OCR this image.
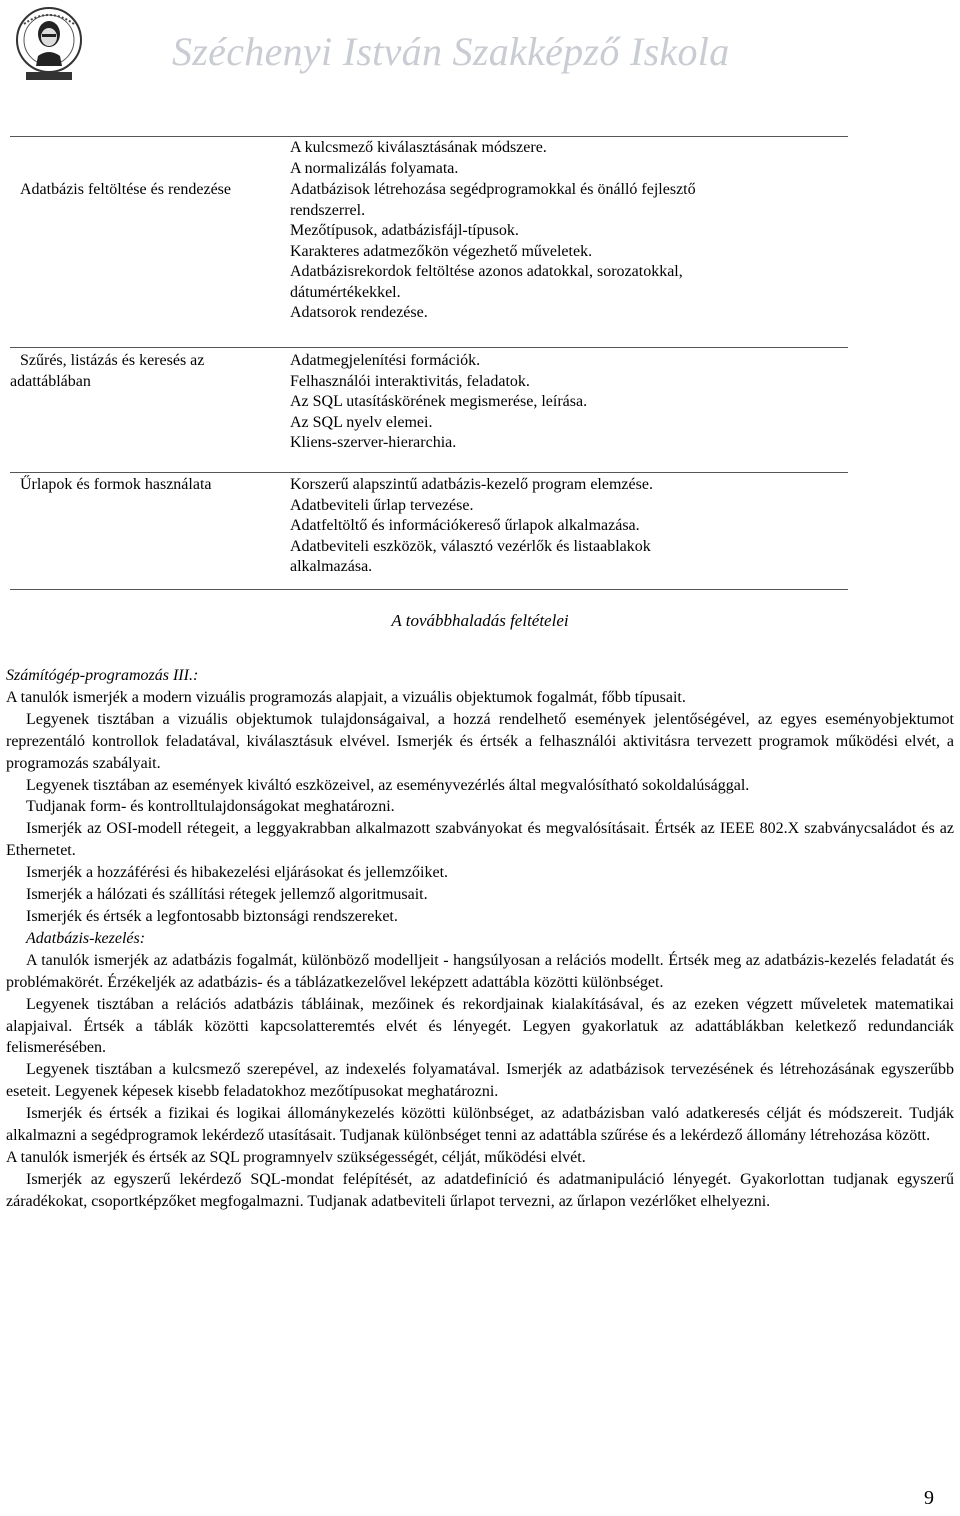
Széchenyi István Szakképző Iskola
A kulcsmező kiválasztásának módszere.
A normalizálás folyamata.
Adatbázis feltöltése és rendezése	Adatbázisok létrehozása segédprogramokkal és önálló fejlesztő
rendszerrel.
Mezőtípusok, adatbázisfájl-típusok.
Karakteres adatmezőkön végezhető műveletek.
Adatbázisrekordok feltöltése azonos adatokkal, sorozatokkal,
dátumértékekkel.
Adatsorok rendezése.
Szűrés, listázás és keresés az
adattáblában
Adatmegjelenítési formációk.
Felhasználói interaktivitás, feladatok.
Az SQL utasításkörének megismerése, leírása.
Az SQL nyelv elemei.
Kliens-szerver-hierarchia.
Űrlapok és formok használata	Korszerű alapszintű adatbázis-kezelő program elemzése.
Adatbeviteli űrlap tervezése.
Adatfeltöltő és információkereső űrlapok alkalmazása.
Adatbeviteli eszközök, választó vezérlők és listaablakok
alkalmazása.
A továbbhaladás feltételei

Számítógép-programozás III.:

A tanulók ismerjék a modern vizuális programozás alapjait, a vizuális objektumok fogalmát, főbb típusait.

Legyenek tisztában a vizuális objektumok tulajdonságaival, a hozzá rendelhető események jelentőségével, az egyes eseményobjektumot reprezentáló kontrollok feladatával, kiválasztásuk elvével. Ismerjék és értsék a felhasználói aktivitásra tervezett programok működési elvét, a programozás szabályait.

Legyenek tisztában az események kiváltó eszközeivel, az eseményvezérlés által megvalósítható sokoldalúsággal.

Tudjanak form- és kontrolltulajdonságokat meghatározni.

Ismerjék az OSI-modell rétegeit, a leggyakrabban alkalmazott szabványokat és megvalósításait. Értsék az IEEE 802.X szabványcsaládot és az Ethernetet.

Ismerjék a hozzáférési és hibakezelési eljárásokat és jellemzőiket.

Ismerjék a hálózati és szállítási rétegek jellemző algoritmusait.

Ismerjék és értsék a legfontosabb biztonsági rendszereket.

Adatbázis-kezelés:

A tanulók ismerjék az adatbázis fogalmát, különböző modelljeit - hangsúlyosan a relációs modellt. Értsék meg az adatbázis-kezelés feladatát és problémakörét. Érzékeljék az adatbázis- és a táblázatkezelővel leképzett adattábla közötti különbséget.

Legyenek tisztában a relációs adatbázis tábláinak, mezőinek és rekordjainak kialakításával, és az ezeken végzett műveletek matematikai alapjaival. Értsék a táblák közötti kapcsolatteremtés elvét és lényegét. Legyen gyakorlatuk az adattáblákban keletkező redundanciák felismerésében.

Legyenek tisztában a kulcsmező szerepével, az indexelés folyamatával. Ismerjék az adatbázisok tervezésének és létrehozásának egyszerűbb eseteit. Legyenek képesek kisebb feladatokhoz mezőtípusokat meghatározni.

Ismerjék és értsék a fizikai és logikai állománykezelés közötti különbséget, az adatbázisban való adatkeresés célját és módszereit. Tudják alkalmazni a segédprogramok lekérdező utasításait. Tudjanak különbséget tenni az adattábla szűrése és a lekérdező állomány létrehozása között.

A tanulók ismerjék és értsék az SQL programnyelv szükségességét, célját, működési elvét.

Ismerjék az egyszerű lekérdező SQL-mondat felépítését, az adatdefiníció és adatmanipuláció lényegét. Gyakorlottan tudjanak egyszerű záradékokat, csoportképzőket megfogalmazni. Tudjanak adatbeviteli űrlapot tervezni, az űrlapon vezérlőket elhelyezni.

9
